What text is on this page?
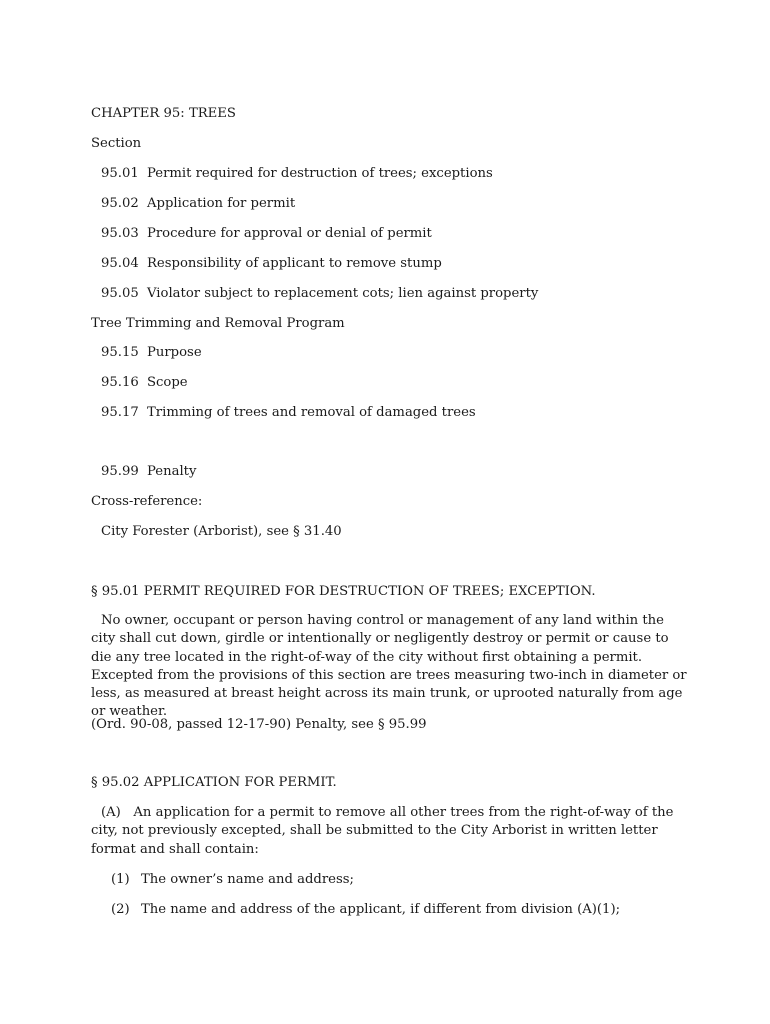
CHAPTER 95: TREES
Section
95.01 Permit required for destruction of trees; exceptions
95.02 Application for permit
95.03 Procedure for approval or denial of permit
95.04 Responsibility of applicant to remove stump
95.05 Violator subject to replacement cots; lien against property
Tree Trimming and Removal Program
95.15 Purpose
95.16 Scope
95.17 Trimming of trees and removal of damaged trees
95.99 Penalty
Cross-reference:
City Forester (Arborist), see § 31.40
§ 95.01 PERMIT REQUIRED FOR DESTRUCTION OF TREES; EXCEPTION.
No owner, occupant or person having control or management of any land within the city shall cut down, girdle or intentionally or negligently destroy or permit or cause to die any tree located in the right-of-way of the city without first obtaining a permit. Excepted from the provisions of this section are trees measuring two-inch in diameter or less, as measured at breast height across its main trunk, or uprooted naturally from age or weather.
(Ord. 90-08, passed 12-17-90) Penalty, see § 95.99
§ 95.02 APPLICATION FOR PERMIT.
(A) An application for a permit to remove all other trees from the right-of-way of the city, not previously excepted, shall be submitted to the City Arborist in written letter format and shall contain:
(1) The owner’s name and address;
(2) The name and address of the applicant, if different from division (A)(1);
